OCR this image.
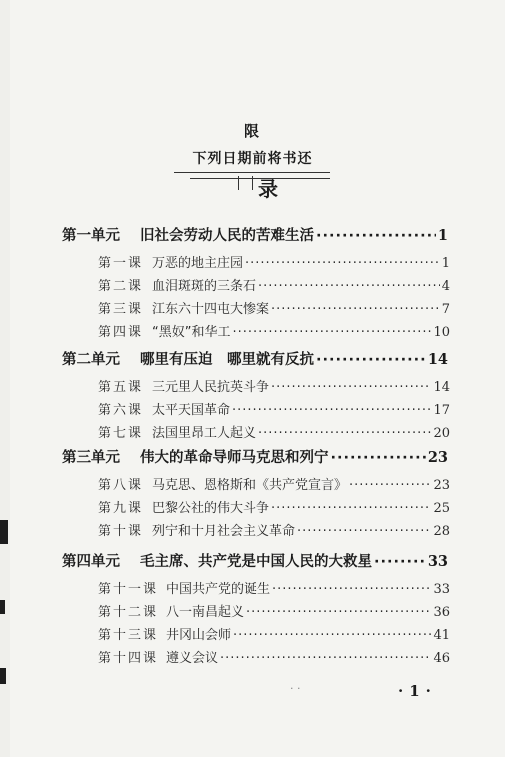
限
下列日期前将书还
录
第一单元	旧社会劳动人民的苦难生活 ·····	1
第一课 万恶的地主庄园 ·····	1
第二课 血泪斑斑的三条石 ·····	4
第三课 江东六十四屯大惨案 ·····	7
第四课 “黑奴”和华工 ·····	10
第二单元	哪里有压迫　哪里就有反抗 ·····	14
第五课 三元里人民抗英斗争 ·····	14
第六课 太平天国革命 ·····	17
第七课 法国里昂工人起义 ·····	20
第三单元	伟大的革命导师马克思和列宁 ·····	23
第八课 马克思、恩格斯和《共产党宣言》 ·····	23
第九课 巴黎公社的伟大斗争 ·····	25
第十课 列宁和十月社会主义革命 ·····	28
第四单元	毛主席、共产党是中国人民的大救星 ·····	33
第十一课 中国共产党的诞生 ·····	33
第十二课 八一南昌起义 ·····	36
第十三课 井冈山会师 ·····	41
第十四课 遵义会议 ·····	46
· ·	·1·
